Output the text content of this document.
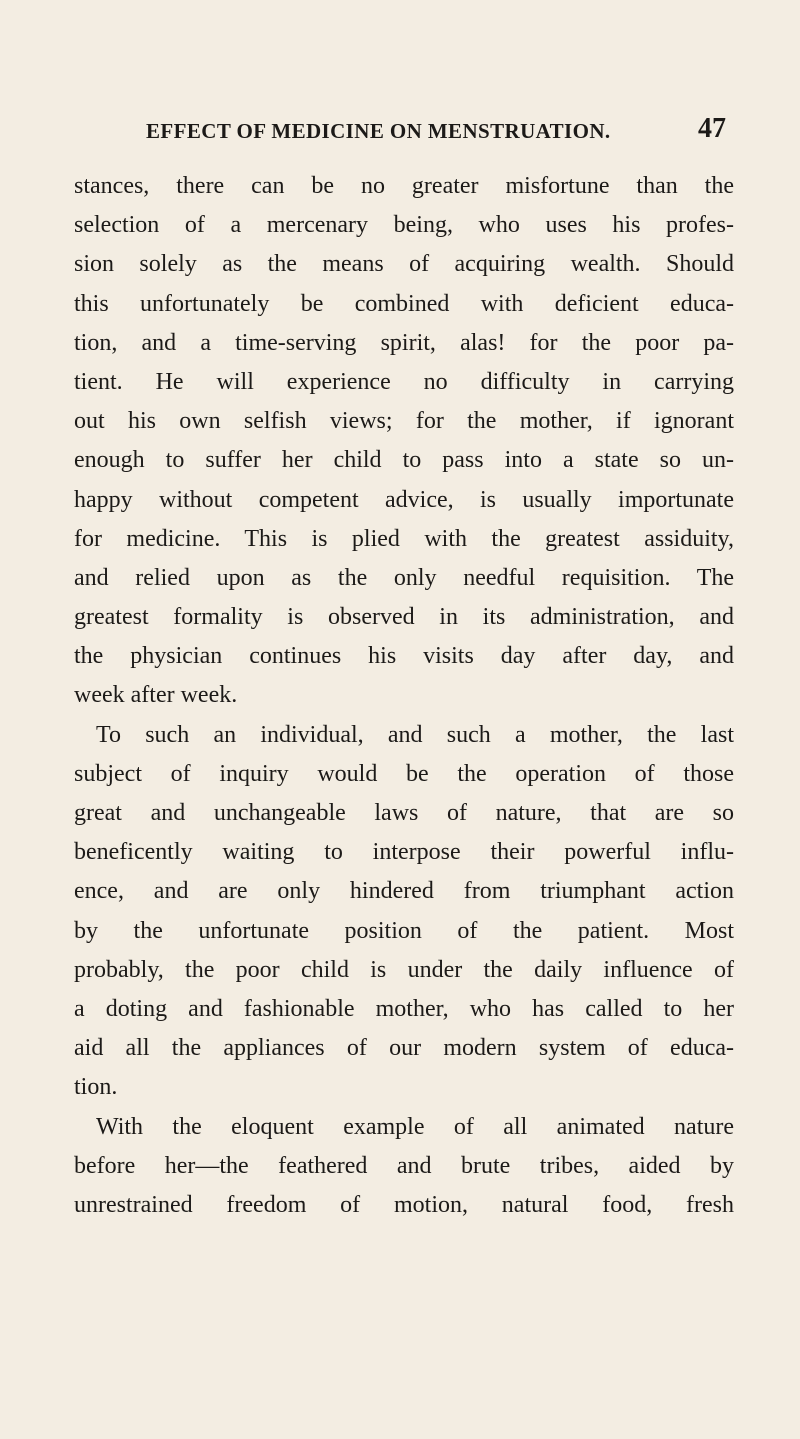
EFFECT OF MEDICINE ON MENSTRUATION.	47
stances, there can be no greater misfortune than the
selection of a mercenary being, who uses his profes-
sion solely as the means of acquiring wealth. Should
this unfortunately be combined with deficient educa-
tion, and a time-serving spirit, alas! for the poor pa-
tient. He will experience no difficulty in carrying
out his own selfish views; for the mother, if ignorant
enough to suffer her child to pass into a state so un-
happy without competent advice, is usually importunate
for medicine. This is plied with the greatest assiduity,
and relied upon as the only needful requisition. The
greatest formality is observed in its administration, and
the physician continues his visits day after day, and
week after week.
To such an individual, and such a mother, the last
subject of inquiry would be the operation of those
great and unchangeable laws of nature, that are so
beneficently waiting to interpose their powerful influ-
ence, and are only hindered from triumphant action
by the unfortunate position of the patient. Most
probably, the poor child is under the daily influence of
a doting and fashionable mother, who has called to her
aid all the appliances of our modern system of educa-
tion.
With the eloquent example of all animated nature
before her—the feathered and brute tribes, aided by
unrestrained freedom of motion, natural food, fresh
